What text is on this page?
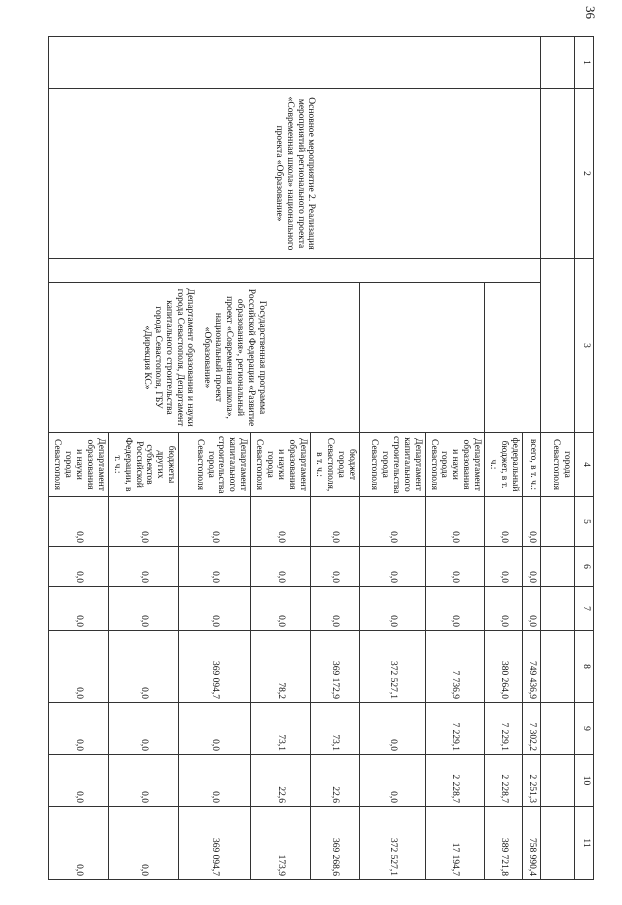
36
1	2	3		4	5	6	7	8	9	10	11
				города Севастополя							
	Основное мероприятие 2. Реализация мероприятий регионального проекта «Современная школа» национального проекта «Образование»			всего, в т. ч.:	0,0	0,0	0,0	749 436,9	7 302,2	2 251,3	758 990,4
				федеральный бюджет, в т. ч.:	0,0	0,0	0,0	380 264,0	7 229,1	2 228,7	389 721,8
				Департамент образования и науки города Севастополя	0,0	0,0	0,0	7 736,9	7 229,1	2 228,7	17 194,7
				Департамент капитального строительства города Севастополя	0,0	0,0	0,0	372 527,1	0,0	0,0	372 527,1

			Государственная программа Российской Федерации «Развитие образования», региональный проект «Современная школа», национальный проект «Образование»
Департамент образования и науки города Севастополя, Департамент капитального строительства города Севастополя, ГБУ «Дирекция КС»	бюджет города Севастополя, в т. ч.:	0,0	0,0	0,0	369 172,9	73,1	22,6	369 268,6
				Департамент образования и науки города Севастополя	0,0	0,0	0,0	78,2	73,1	22,6	173,9
				Департамент капитального строительства города Севастополя	0,0	0,0	0,0	369 094,7	0,0	0,0	369 094,7
				бюджеты других субъектов Российской Федерации, в т. ч.:	0,0	0,0	0,0	0,0	0,0	0,0	0,0
				Департамент образования и науки города Севастополя	0,0	0,0	0,0	0,0	0,0	0,0	0,0
